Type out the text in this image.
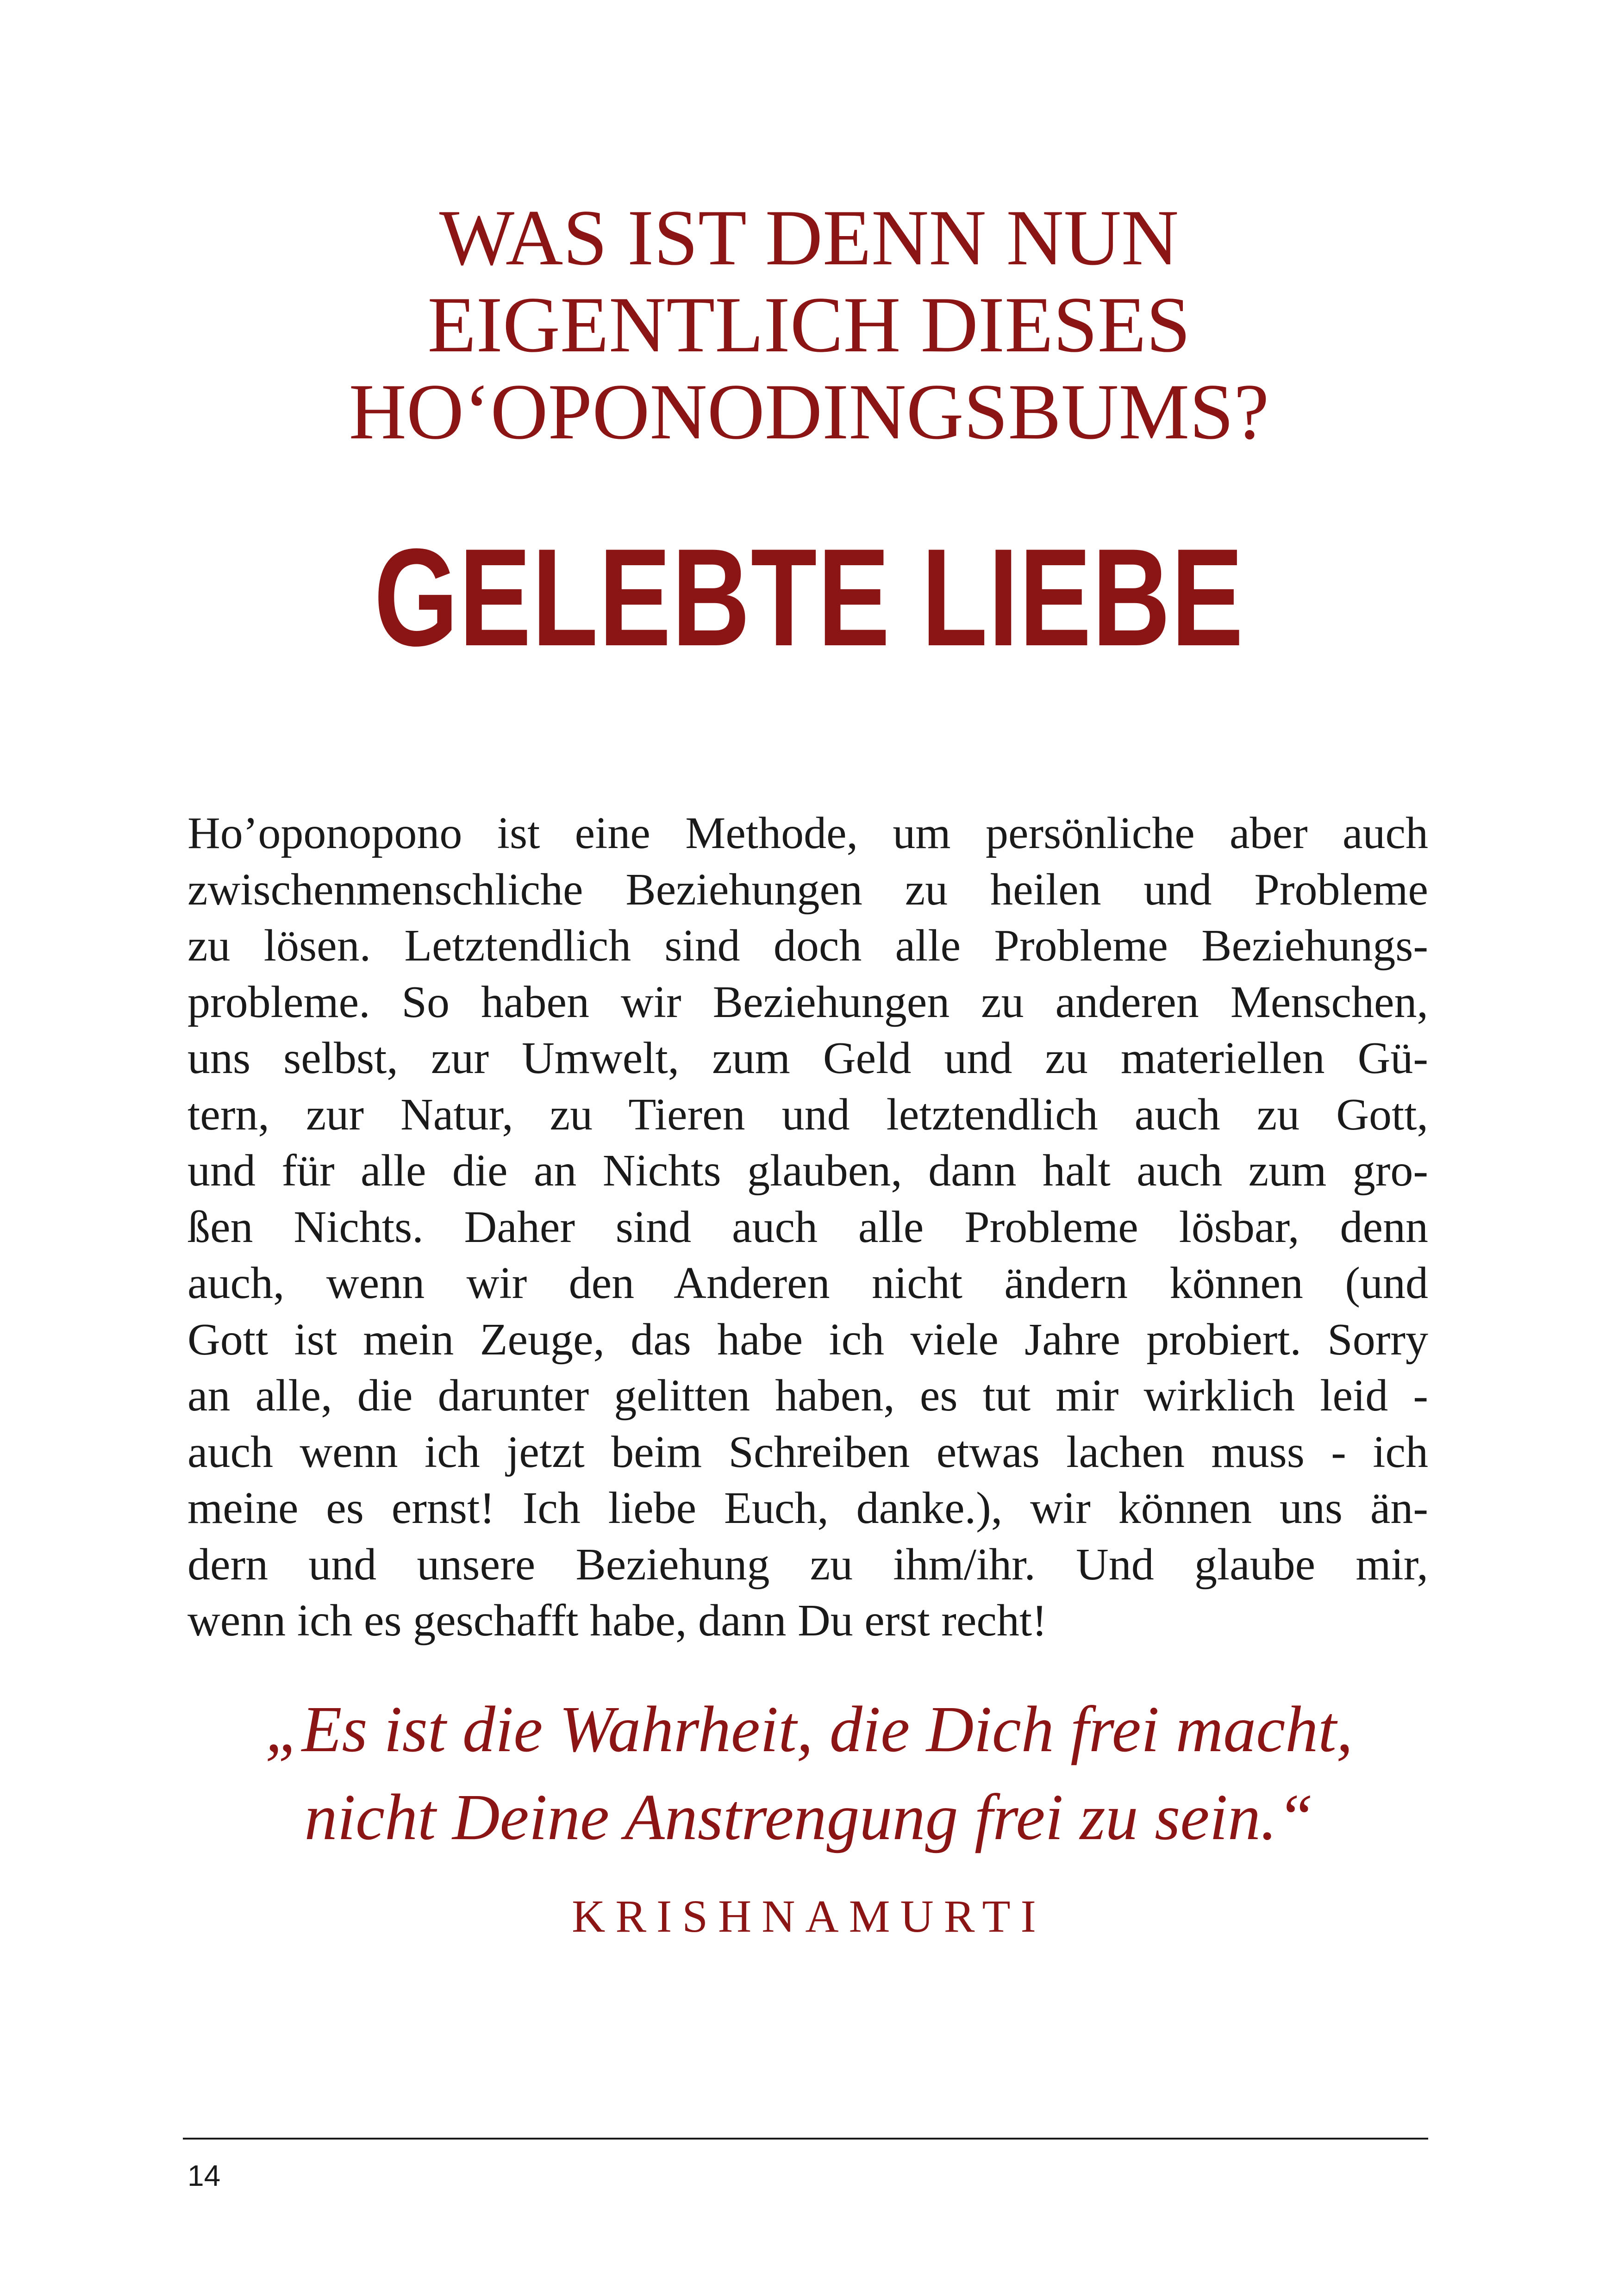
WAS IST DENN NUN
EIGENTLICH DIESES
HO‘OPONODINGSBUMS?
GELEBTE LIEBE
Ho’oponopono ist eine Methode, um persönliche aber auch
zwischenmenschliche Beziehungen zu heilen und Probleme
zu lösen. Letztendlich sind doch alle Probleme Beziehungs-
probleme. So haben wir Beziehungen zu anderen Menschen,
uns selbst, zur Umwelt, zum Geld und zu materiellen Gü-
tern, zur Natur, zu Tieren und letztendlich auch zu Gott,
und für alle die an Nichts glauben, dann halt auch zum gro-
ßen Nichts. Daher sind auch alle Probleme lösbar, denn
auch, wenn wir den Anderen nicht ändern können (und
Gott ist mein Zeuge, das habe ich viele Jahre probiert. Sorry
an alle, die darunter gelitten haben, es tut mir wirklich leid -
auch wenn ich jetzt beim Schreiben etwas lachen muss - ich
meine es ernst! Ich liebe Euch, danke.), wir können uns än-
dern und unsere Beziehung zu ihm/ihr. Und glaube mir,
wenn ich es geschafft habe, dann Du erst recht!
„Es ist die Wahrheit, die Dich frei macht,
nicht Deine Anstrengung frei zu sein.“
KRISHNAMURTI
14
